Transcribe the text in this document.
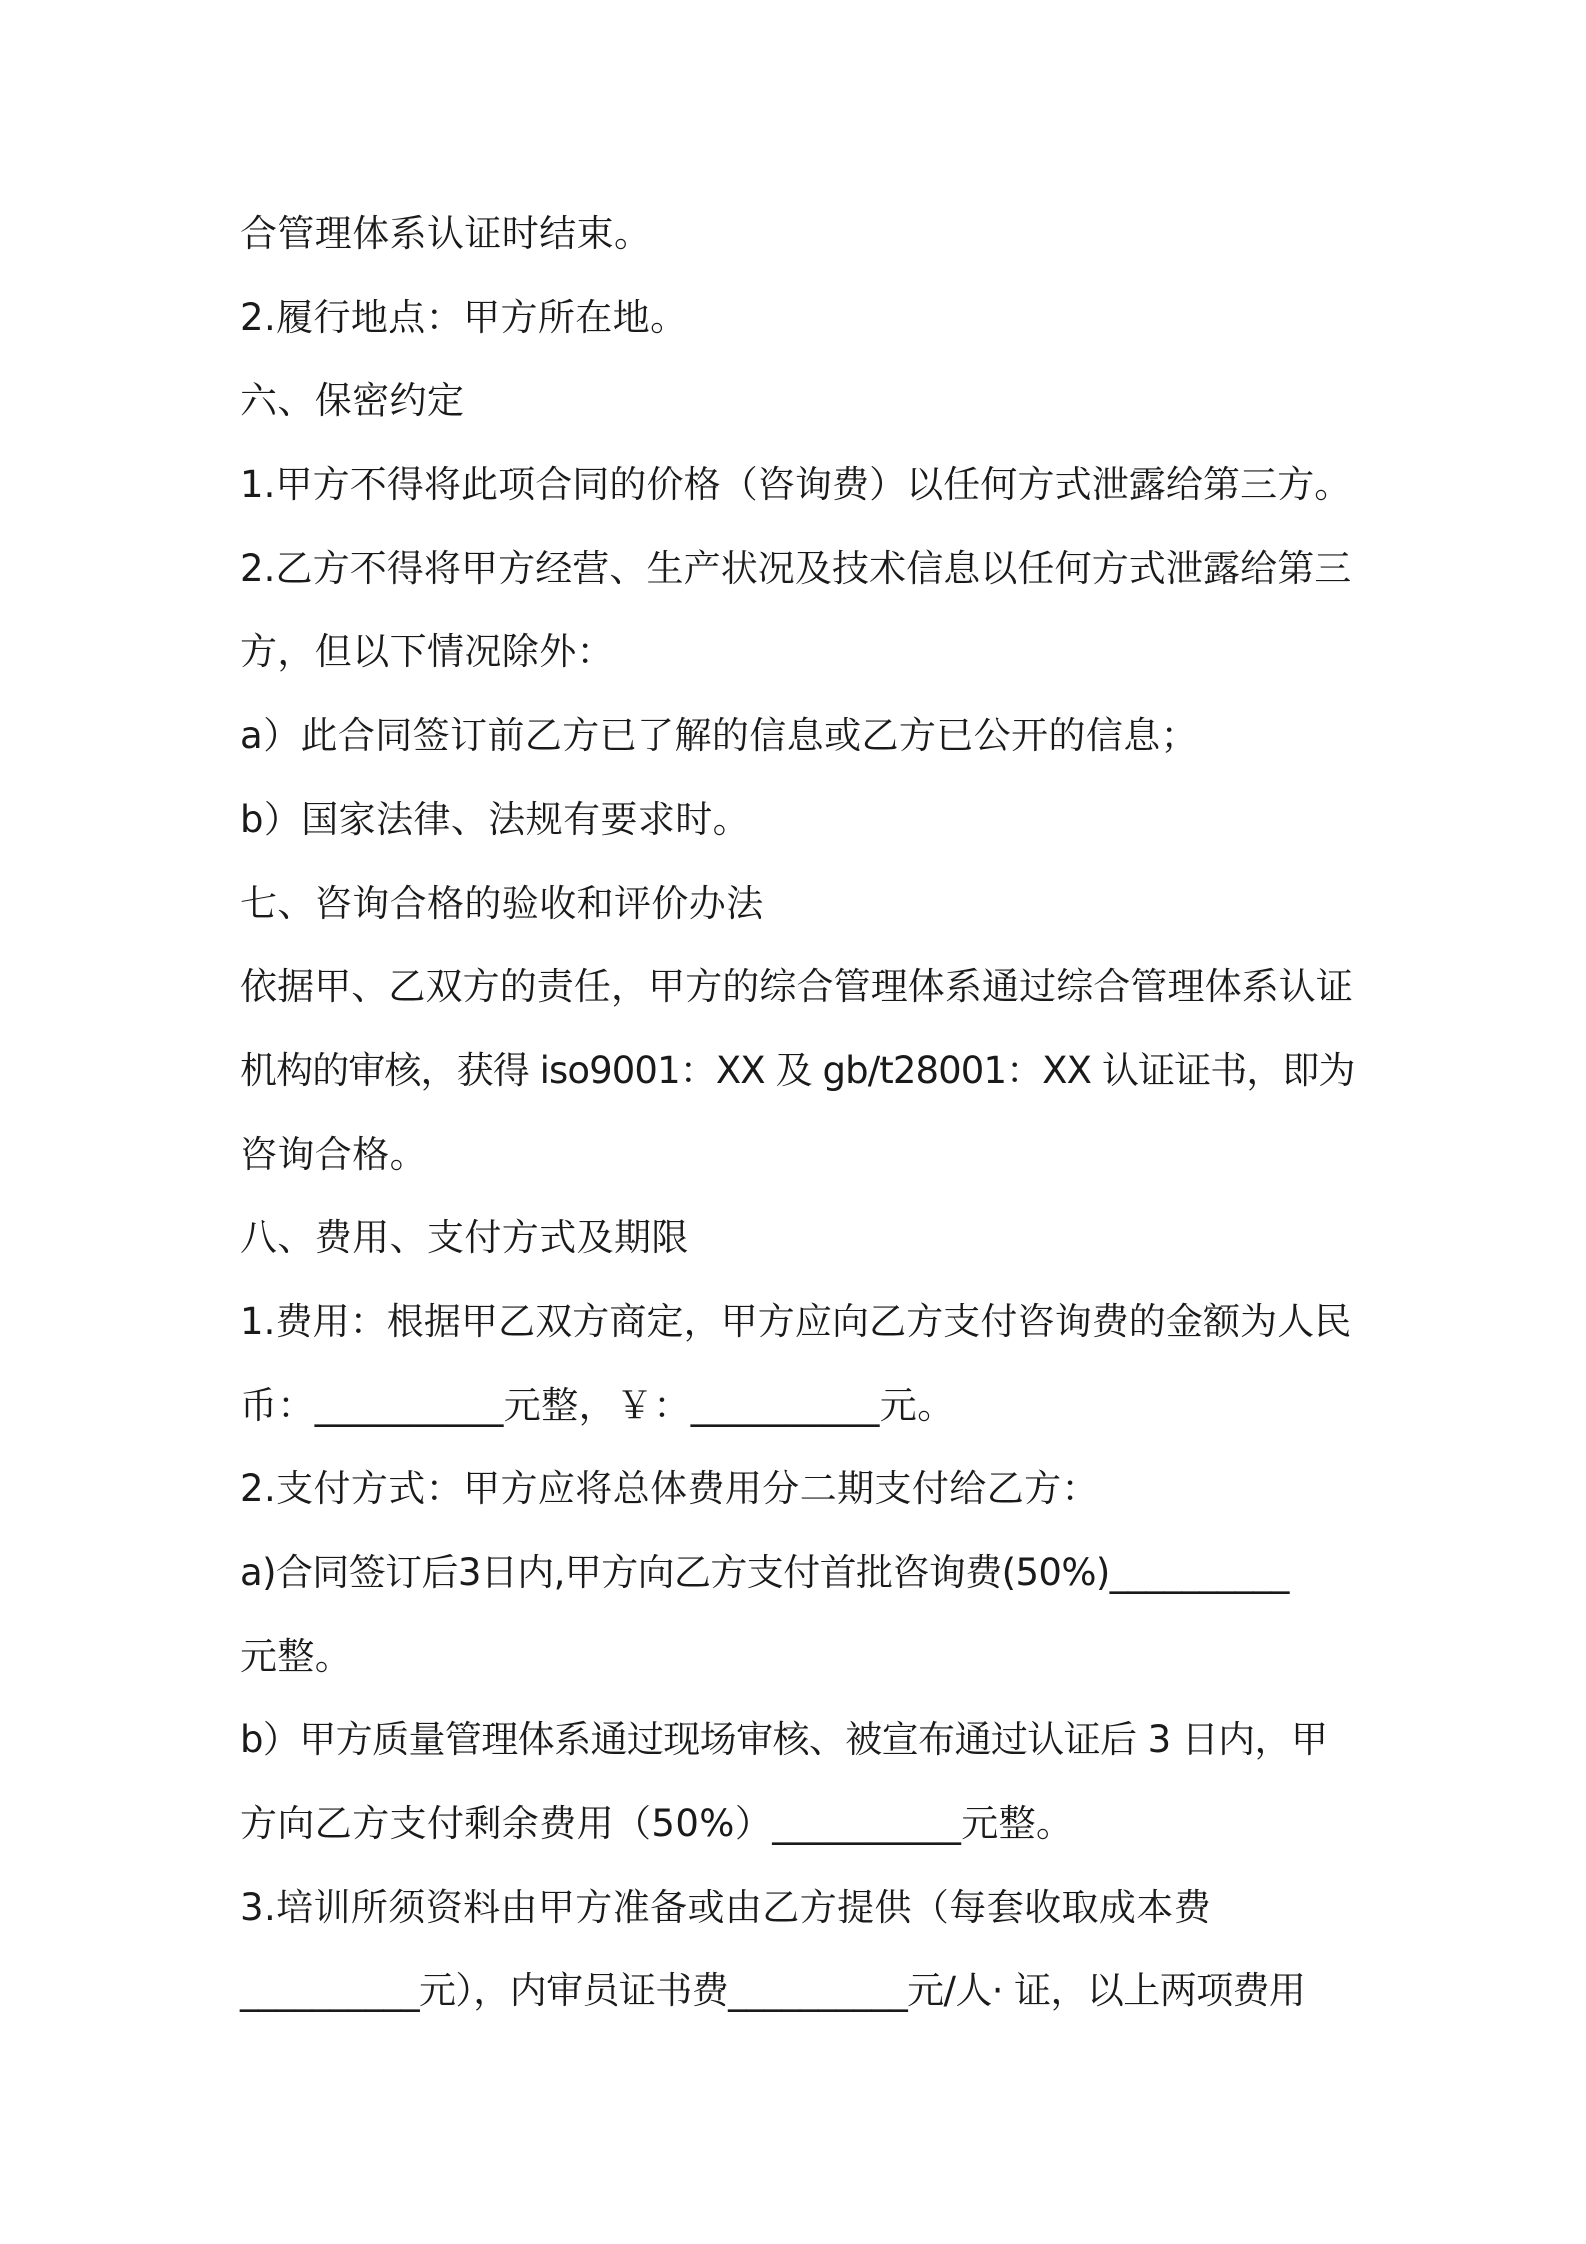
合管理体系认证时结束。
2.履行地点：甲方所在地。
六、保密约定
1.甲方不得将此项合同的价格（咨询费）以任何方式泄露给第三方。
2.乙方不得将甲方经营、生产状况及技术信息以任何方式泄露给第三
方，但以下情况除外：
a）此合同签订前乙方已了解的信息或乙方已公开的信息；
b）国家法律、法规有要求时。
七、咨询合格的验收和评价办法
依据甲、乙双方的责任，甲方的综合管理体系通过综合管理体系认证
机构的审核，获得 iso9001：XX 及 gb/t28001：XX 认证证书，即为
咨询合格。
八、费用、支付方式及期限
1.费用：根据甲乙双方商定，甲方应向乙方支付咨询费的金额为人民
币：__________元整，￥：__________元。
2.支付方式：甲方应将总体费用分二期支付给乙方：
a)合同签订后3日内,甲方向乙方支付首批咨询费(50%)__________
元整。
b）甲方质量管理体系通过现场审核、被宣布通过认证后 3 日内，甲
方向乙方支付剩余费用（50%）__________元整。
3.培训所须资料由甲方准备或由乙方提供（每套收取成本费
__________元），内审员证书费__________元/人· 证，以上两项费用
